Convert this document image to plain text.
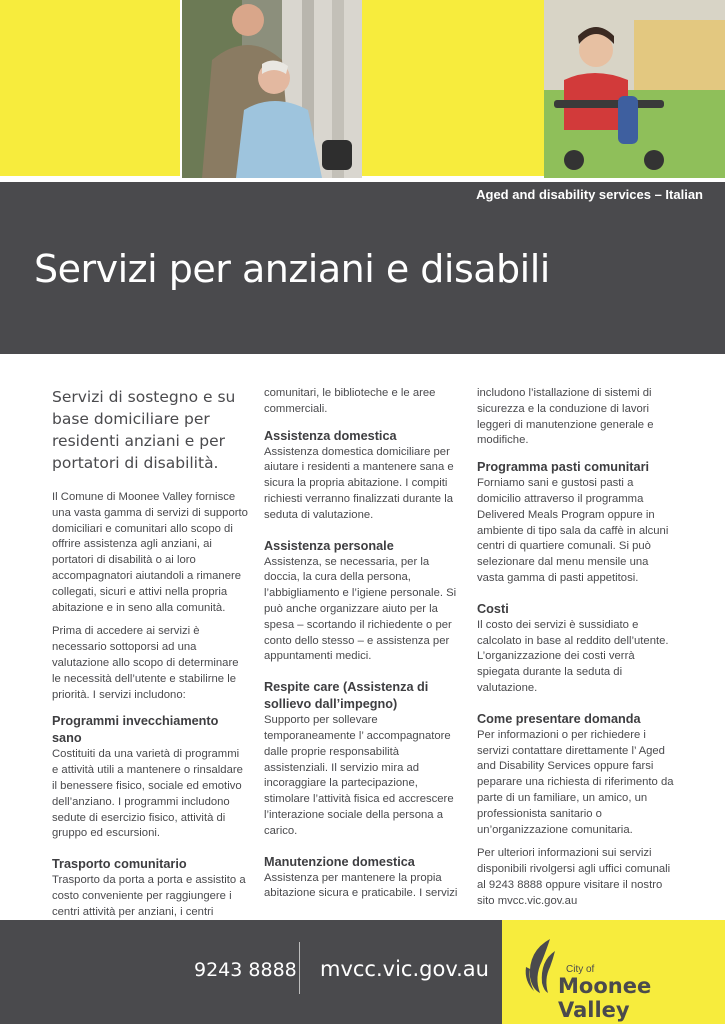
Aged and disability services – Italian
Servizi per anziani e disabili

Servizi di sostegno e su base domiciliare per residenti anziani e per portatori di disabilità.

Il Comune di Moonee Valley fornisce una vasta gamma di servizi di supporto domiciliari e comunitari allo scopo di offrire assistenza agli anziani, ai portatori di disabilità o ai loro accompagnatori aiutandoli a rimanere collegati, sicuri e attivi nella propria abitazione e in seno alla comunità.

Prima di accedere ai servizi è necessario sottoporsi ad una valutazione allo scopo di determinare le necessità dell’utente e stabilirne le priorità. I servizi includono:

Programmi invecchiamento sano

Costituiti da una varietà di programmi e attività utili a mantenere o rinsaldare il benessere fisico, sociale ed emotivo dell’anziano. I programmi includono sedute di esercizio fisico, attività di gruppo ed escursioni.

Trasporto comunitario

Trasporto da porta a porta e assistito a costo conveniente per raggiungere i centri attività per anziani, i centri

comunitari, le biblioteche e le aree commerciali.

Assistenza domestica

Assistenza domestica domiciliare per aiutare i residenti a mantenere sana e sicura la propria abitazione. I compiti richiesti verranno finalizzati durante la seduta di valutazione.

Assistenza personale

Assistenza, se necessaria, per la doccia, la cura della persona, l’abbigliamento e l’igiene personale. Si può anche organizzare aiuto per la spesa – scortando il richiedente o per conto dello stesso – e assistenza per appuntamenti medici.

Respite care (Assistenza di sollievo dall’impegno)

Supporto per sollevare temporaneamente l’ accompagnatore dalle proprie responsabilità assistenziali. Il servizio mira ad incoraggiare la partecipazione, stimolare l’attività fisica ed accrescere l’interazione sociale della persona a carico.

Manutenzione domestica

Assistenza per mantenere la propia abitazione sicura e praticabile. I servizi

includono l’istallazione di sistemi di sicurezza e la conduzione di lavori leggeri di manutenzione generale e modifiche.

Programma pasti comunitari

Forniamo sani e gustosi pasti a domicilio attraverso il programma Delivered Meals Program oppure in ambiente di tipo sala da caffè in alcuni centri di quartiere comunali. Si può selezionare dal menu mensile una vasta gamma di pasti appetitosi.

Costi

Il costo dei servizi è sussidiato e calcolato in base al reddito dell’utente. L’organizzazione dei costi verrà spiegata durante la seduta di valutazione.

Come presentare domanda

Per informazioni o per richiedere i servizi contattare direttamente l’ Aged and Disability Services oppure farsi peparare una richiesta di riferimento da parte di un familiare, un amico, un professionista sanitario o un’organizzazione comunitaria.

Per ulteriori informazioni sui servizi disponibili rivolgersi agli uffici comunali al 9243 8888 oppure visitare il nostro sito mvcc.vic.gov.au

9243 8888 mvcc.vic.gov.au	City of
Moonee Valley
